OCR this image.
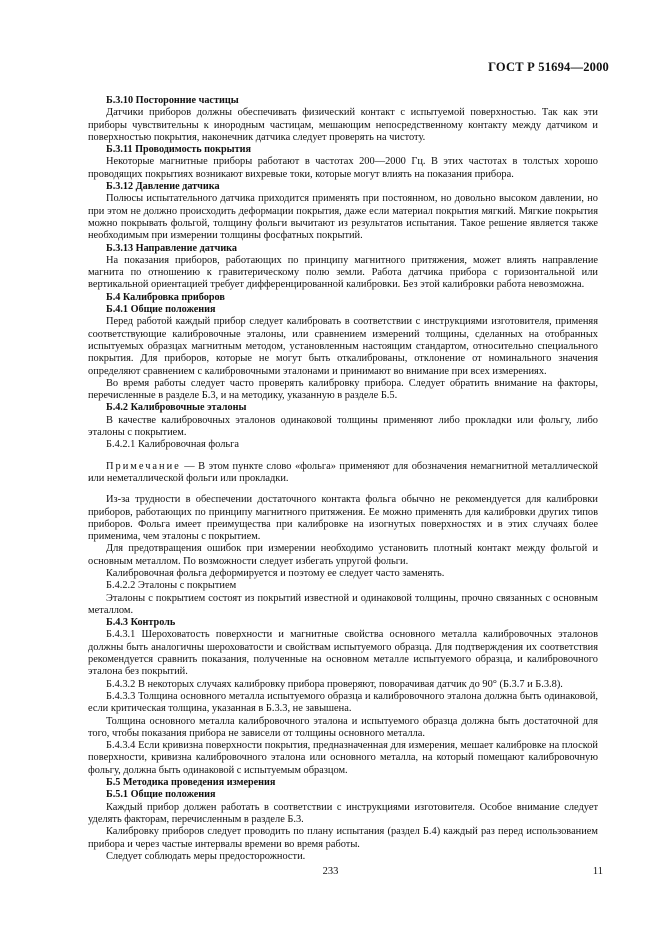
ГОСТ Р 51694—2000

Б.3.10 Посторонние частицы

Датчики приборов должны обеспечивать физический контакт с испытуемой поверхностью. Так как эти приборы чувствительны к инородным частицам, мешающим непосредственному контакту между датчиком и поверхностью покрытия, наконечник датчика следует проверять на чистоту.

Б.3.11 Проводимость покрытия

Некоторые магнитные приборы работают в частотах 200—2000 Гц. В этих частотах в толстых хорошо проводящих покрытиях возникают вихревые токи, которые могут влиять на показания прибора.

Б.3.12 Давление датчика

Полюсы испытательного датчика приходится применять при постоянном, но довольно высоком давлении, но при этом не должно происходить деформации покрытия, даже если материал покрытия мягкий. Мягкие покрытия можно покрывать фольгой, толщину фольги вычитают из результатов испытания. Такое решение является также необходимым при измерении толщины фосфатных покрытий.

Б.3.13 Направление датчика

На показания приборов, работающих по принципу магнитного притяжения, может влиять направление магнита по отношению к гравитерическому полю земли. Работа датчика прибора с горизонтальной или вертикальной ориентацией требует дифференцированной калибровки. Без этой калибровки работа невозможна.

Б.4 Калибровка приборов

Б.4.1 Общие положения

Перед работой каждый прибор следует калибровать в соответствии с инструкциями изготовителя, применяя соответствующие калибровочные эталоны, или сравнением измерений толщины, сделанных на отобранных испытуемых образцах магнитным методом, установленным настоящим стандартом, относительно специального покрытия. Для приборов, которые не могут быть откалиброваны, отклонение от номинального значения определяют сравнением с калибровочными эталонами и принимают во внимание при всех измерениях.

Во время работы следует часто проверять калибровку прибора. Следует обратить внимание на факторы, перечисленные в разделе Б.3, и на методику, указанную в разделе Б.5.

Б.4.2 Калибровочные эталоны

В качестве калибровочных эталонов одинаковой толщины применяют либо прокладки или фольгу, либо эталоны с покрытием.

Б.4.2.1 Калибровочная фольга

Примечание — В этом пункте слово «фольга» применяют для обозначения немагнитной металлической или неметаллической фольги или прокладки.

Из-за трудности в обеспечении достаточного контакта фольга обычно не рекомендуется для калибровки приборов, работающих по принципу магнитного притяжения. Ее можно применять для калибровки других типов приборов. Фольга имеет преимущества при калибровке на изогнутых поверхностях и в этих случаях более применима, чем эталоны с покрытием.

Для предотвращения ошибок при измерении необходимо установить плотный контакт между фольгой и основным металлом. По возможности следует избегать упругой фольги.

Калибровочная фольга деформируется и поэтому ее следует часто заменять.

Б.4.2.2 Эталоны с покрытием

Эталоны с покрытием состоят из покрытий известной и одинаковой толщины, прочно связанных с основным металлом.

Б.4.3 Контроль

Б.4.3.1 Шероховатость поверхности и магнитные свойства основного металла калибровочных эталонов должны быть аналогичны шероховатости и свойствам испытуемого образца. Для подтверждения их соответствия рекомендуется сравнить показания, полученные на основном металле испытуемого образца, и калибровочного эталона без покрытий.

Б.4.3.2 В некоторых случаях калибровку прибора проверяют, поворачивая датчик до 90° (Б.3.7 и Б.3.8).

Б.4.3.3 Толщина основного металла испытуемого образца и калибровочного эталона должна быть одинаковой, если критическая толщина, указанная в Б.3.3, не завышена.

Толщина основного металла калибровочного эталона и испытуемого образца должна быть достаточной для того, чтобы показания прибора не зависели от толщины основного металла.

Б.4.3.4 Если кривизна поверхности покрытия, предназначенная для измерения, мешает калибровке на плоской поверхности, кривизна калибровочного эталона или основного металла, на который помещают калибровочную фольгу, должна быть одинаковой с испытуемым образцом.

Б.5 Методика проведения измерения

Б.5.1 Общие положения

Каждый прибор должен работать в соответствии с инструкциями изготовителя. Особое внимание следует уделять факторам, перечисленным в разделе Б.3.

Калибровку приборов следует проводить по плану испытания (раздел Б.4) каждый раз перед использованием прибора и через частые интервалы времени во время работы.

Следует соблюдать меры предосторожности.

233	11
